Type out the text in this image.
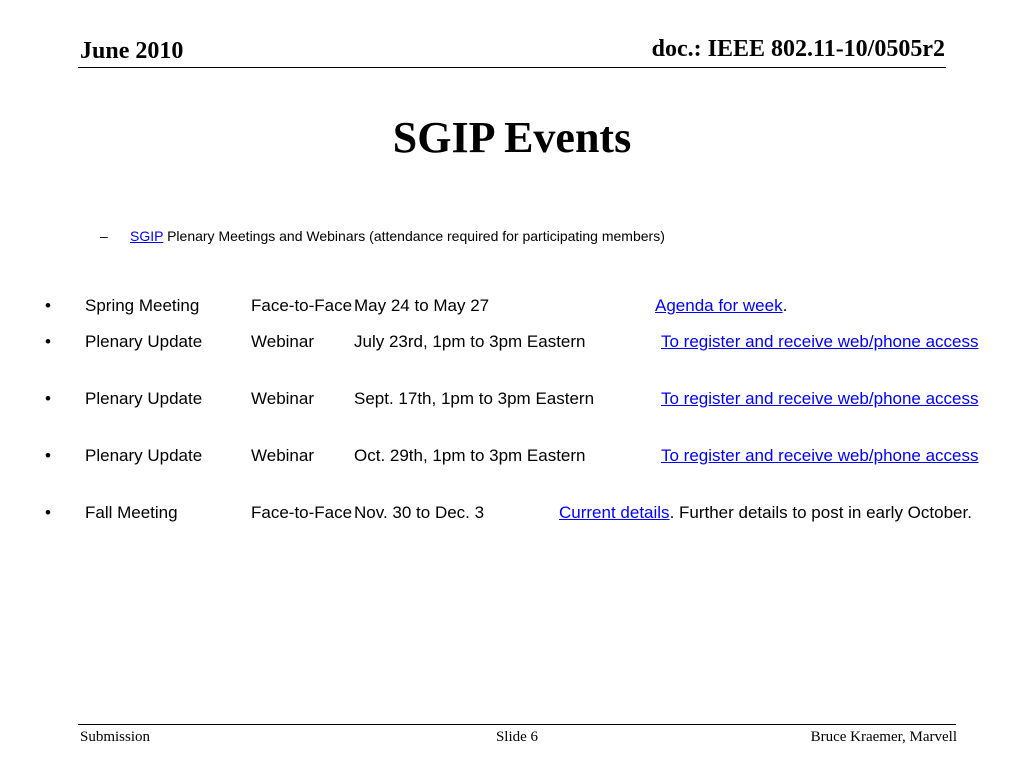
June 2010	doc.: IEEE 802.11-10/0505r2
SGIP Events
– SGIP Plenary Meetings and Webinars (attendance required for participating members)
• Spring Meeting	Face-to-Face May 24 to May 27	Agenda for week.
• Plenary Update	Webinar July 23rd, 1pm to 3pm Eastern	To register and receive web/phone access
• Plenary Update	Webinar Sept. 17th, 1pm to 3pm Eastern	To register and receive web/phone access
• Plenary Update	Webinar Oct. 29th, 1pm to 3pm Eastern	To register and receive web/phone access
• Fall Meeting	Face-to-Face Nov. 30 to Dec. 3	Current details. Further details to post in early October.
Submission	Slide 6	Bruce Kraemer, Marvell
